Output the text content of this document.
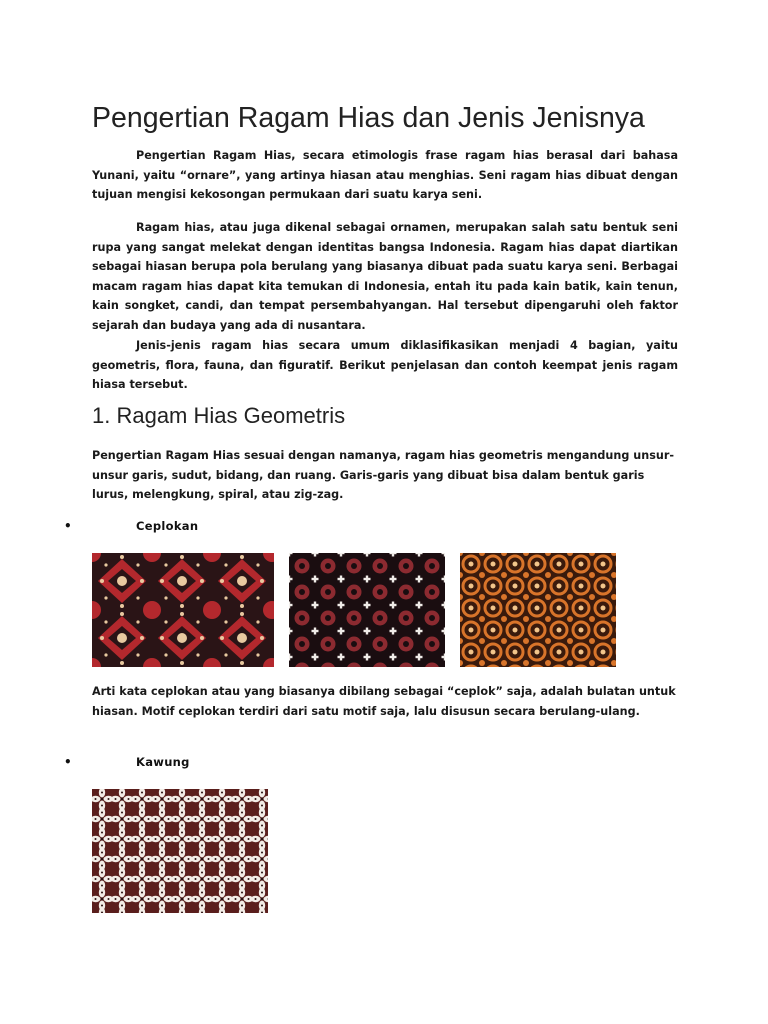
Pengertian Ragam Hias dan Jenis Jenisnya

Pengertian Ragam Hias, secara etimologis frase ragam hias berasal dari bahasa Yunani, yaitu “ornare”, yang artinya hiasan atau menghias. Seni ragam hias dibuat dengan tujuan mengisi kekosongan permukaan dari suatu karya seni.

Ragam hias, atau juga dikenal sebagai ornamen, merupakan salah satu bentuk seni rupa yang sangat melekat dengan identitas bangsa Indonesia. Ragam hias dapat diartikan sebagai hiasan berupa pola berulang yang biasanya dibuat pada suatu karya seni. Berbagai macam ragam hias dapat kita temukan di Indonesia, entah itu pada kain batik, kain tenun, kain songket, candi, dan tempat persembahyangan. Hal tersebut dipengaruhi oleh faktor sejarah dan budaya yang ada di nusantara.

Jenis-jenis ragam hias secara umum diklasifikasikan menjadi 4 bagian, yaitu geometris, flora, fauna, dan figuratif. Berikut penjelasan dan contoh keempat jenis ragam hiasa tersebut.

1. Ragam Hias Geometris

Pengertian Ragam Hias sesuai dengan namanya, ragam hias geometris mengandung unsur-unsur garis, sudut, bidang, dan ruang. Garis-garis yang dibuat bisa dalam bentuk garis lurus, melengkung, spiral, atau zig-zag.

•	Ceplokan

Arti kata ceplokan atau yang biasanya dibilang sebagai “ceplok” saja, adalah bulatan untuk hiasan. Motif ceplokan terdiri dari satu motif saja, lalu disusun secara berulang-ulang.

•	Kawung
